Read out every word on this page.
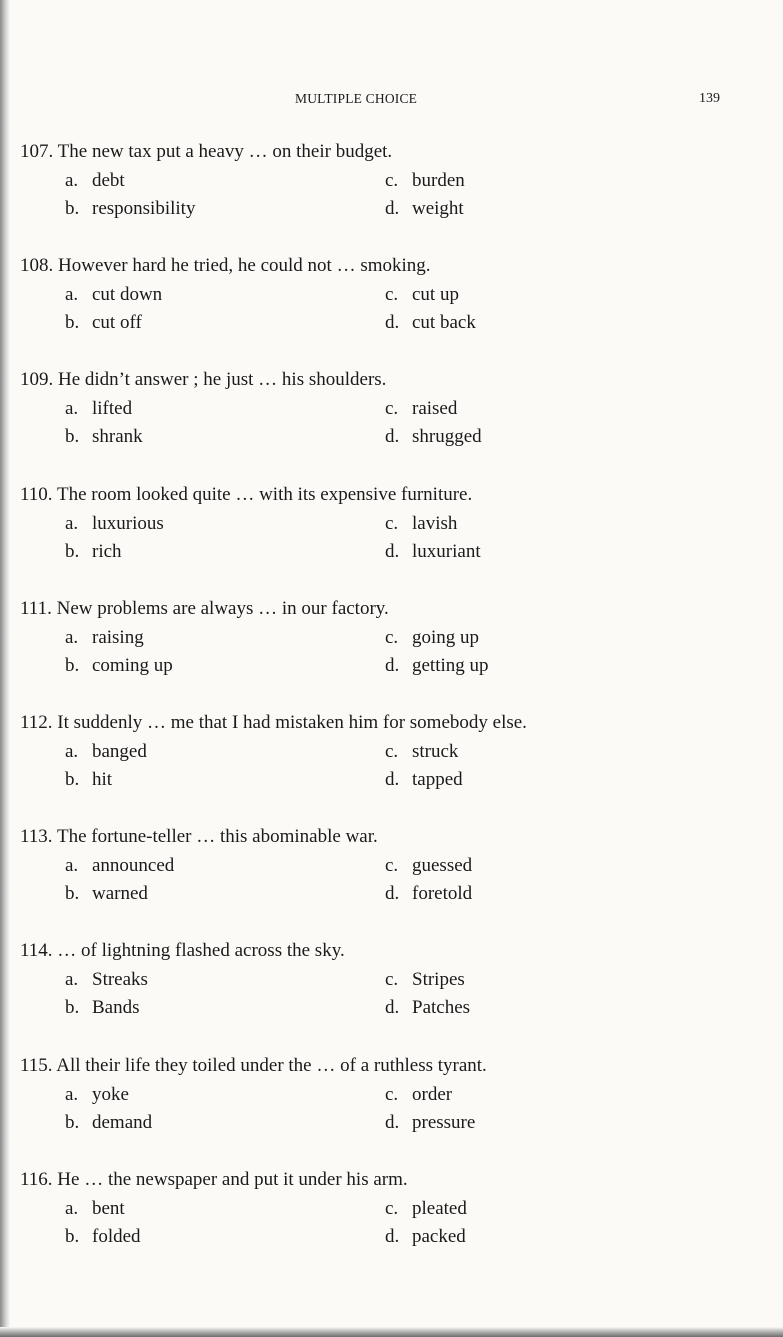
MULTIPLE CHOICE	139
107. The new tax put a heavy … on their budget.
a. debt
b. responsibility
c. burden
d. weight
108. However hard he tried, he could not … smoking.
a. cut down
b. cut off
c. cut up
d. cut back
109. He didn’t answer ; he just … his shoulders.
a. lifted
b. shrank
c. raised
d. shrugged
110. The room looked quite … with its expensive furniture.
a. luxurious
b. rich
c. lavish
d. luxuriant
111. New problems are always … in our factory.
a. raising
b. coming up
c. going up
d. getting up
112. It suddenly … me that I had mistaken him for somebody else.
a. banged
b. hit
c. struck
d. tapped
113. The fortune-teller … this abominable war.
a. announced
b. warned
c. guessed
d. foretold
114. … of lightning flashed across the sky.
a. Streaks
b. Bands
c. Stripes
d. Patches
115. All their life they toiled under the … of a ruthless tyrant.
a. yoke
b. demand
c. order
d. pressure
116. He … the newspaper and put it under his arm.
a. bent
b. folded
c. pleated
d. packed
